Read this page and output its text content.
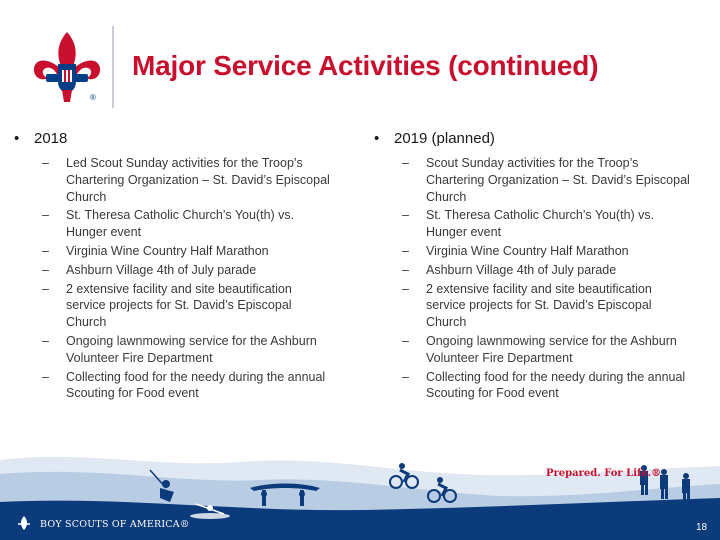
®
Major Service Activities (continued)
• 2018
– Led Scout Sunday activities for the Troop’s Chartering Organization – St. David’s Episcopal Church
– St. Theresa Catholic Church’s You(th) vs. Hunger event
– Virginia Wine Country Half Marathon
– Ashburn Village 4th of July parade
– 2 extensive facility and site beautification service projects for St. David’s Episcopal Church
– Ongoing lawnmowing service for the Ashburn Volunteer Fire Department
– Collecting food for the needy during the annual Scouting for Food event
• 2019 (planned)
– Scout Sunday activities for the Troop’s Chartering Organization – St. David’s Episcopal Church
– St. Theresa Catholic Church’s You(th) vs. Hunger event
– Virginia Wine Country Half Marathon
– Ashburn Village 4th of July parade
– 2 extensive facility and site beautification service projects for St. David’s Episcopal Church
– Ongoing lawnmowing service for the Ashburn Volunteer Fire Department
– Collecting food for the needy during the annual Scouting for Food event
Prepared. For Life.®
BOY SCOUTS OF AMERICA®	18
